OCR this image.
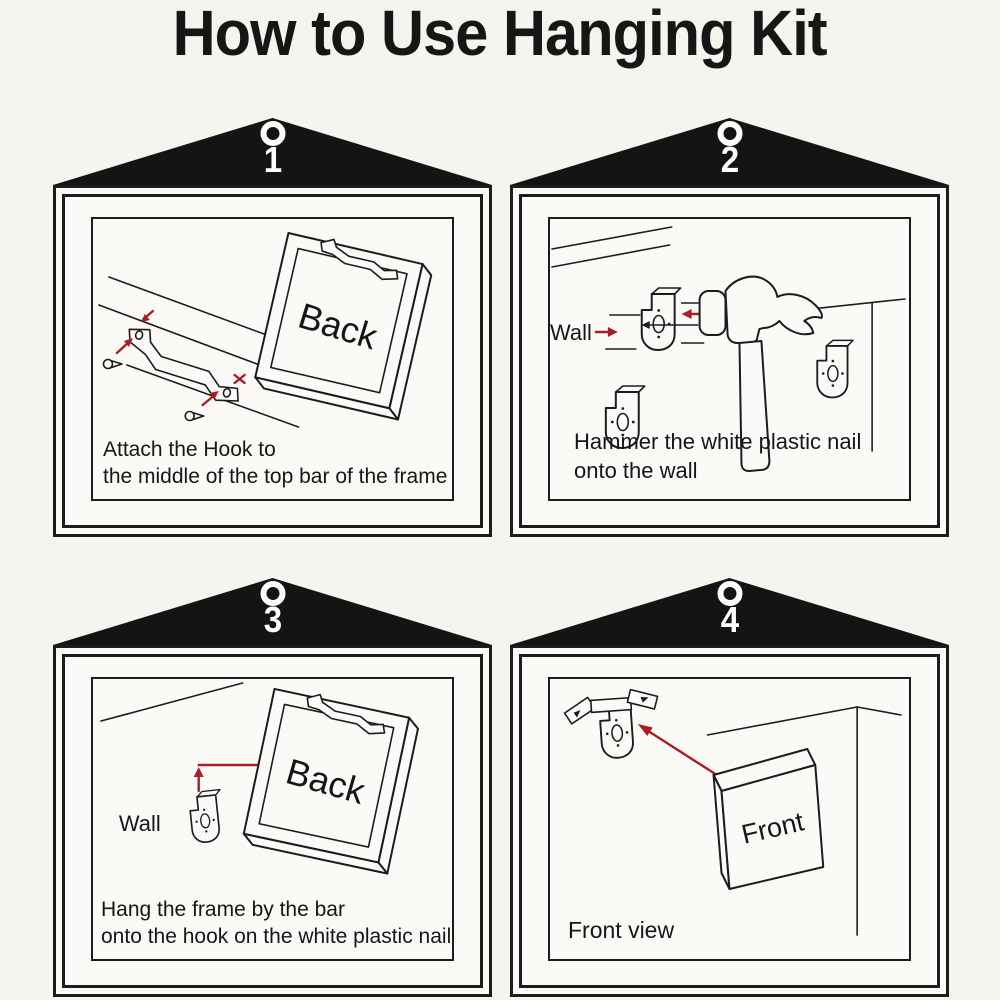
How to Use Hanging Kit
1
Back
Attach the Hook to
the middle of the top bar of the frame
2
Wall
Hammer the white plastic nail
onto the wall
3
Wall
Back
Hang the frame by the bar
onto the hook on the white plastic nail
4
Front
Front view
